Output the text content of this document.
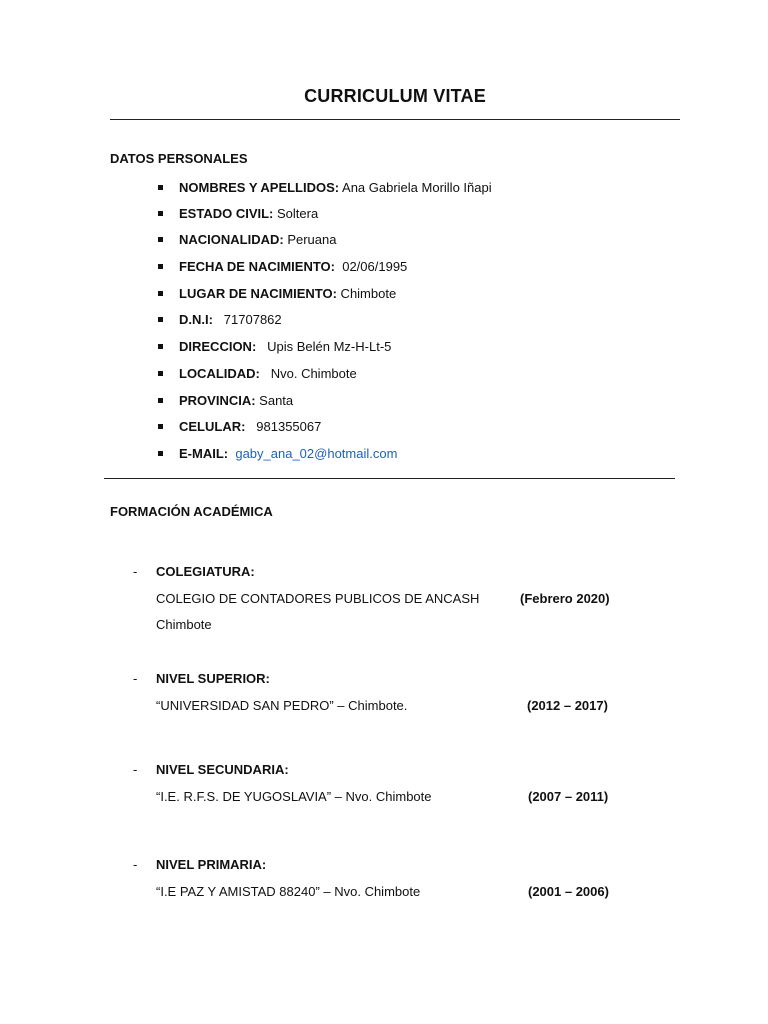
CURRICULUM VITAE
DATOS PERSONALES
NOMBRES Y APELLIDOS: Ana Gabriela Morillo Iñapi
ESTADO CIVIL: Soltera
NACIONALIDAD: Peruana
FECHA DE NACIMIENTO:  02/06/1995
LUGAR DE NACIMIENTO: Chimbote
D.N.I:   71707862
DIRECCION:   Upis Belén Mz-H-Lt-5
LOCALIDAD:   Nvo. Chimbote
PROVINCIA: Santa
CELULAR:   981355067
E-MAIL: gaby_ana_02@hotmail.com
FORMACIÓN ACADÉMICA
- COLEGIATURA:
COLEGIO DE CONTADORES PUBLICOS DE ANCASH	(Febrero 2020)
Chimbote
- NIVEL SUPERIOR:
“UNIVERSIDAD SAN PEDRO” – Chimbote.	(2012 – 2017)
- NIVEL SECUNDARIA:
“I.E. R.F.S. DE YUGOSLAVIA” – Nvo. Chimbote	(2007 – 2011)
- NIVEL PRIMARIA:
“I.E PAZ Y AMISTAD 88240” – Nvo. Chimbote	(2001 – 2006)
